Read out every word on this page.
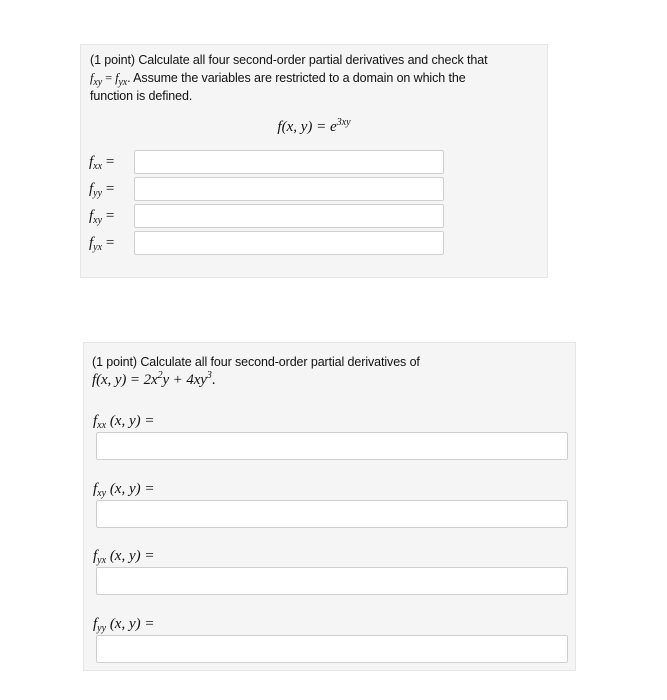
(1 point) Calculate all four second-order partial derivatives and check that
$f_{xy} = f_{yx}$. Assume the variables are restricted to a domain on which the
function is defined.
f(x, $y) = e^{3xy}$
$f_{xx}$ =
$f_{yy}$ =
$f_{xy}$ =
$f_{yx}$ =
(1 point) Calculate all four second-order partial derivatives of
f(x, $y) = 2x^2y + 4xy^3$.
$f_{xx}$ (x, y) =
$f_{xy}$ (x, y) =
$f_{yx}$ (x, y) =
$f_{yy}$ (x, y) =
